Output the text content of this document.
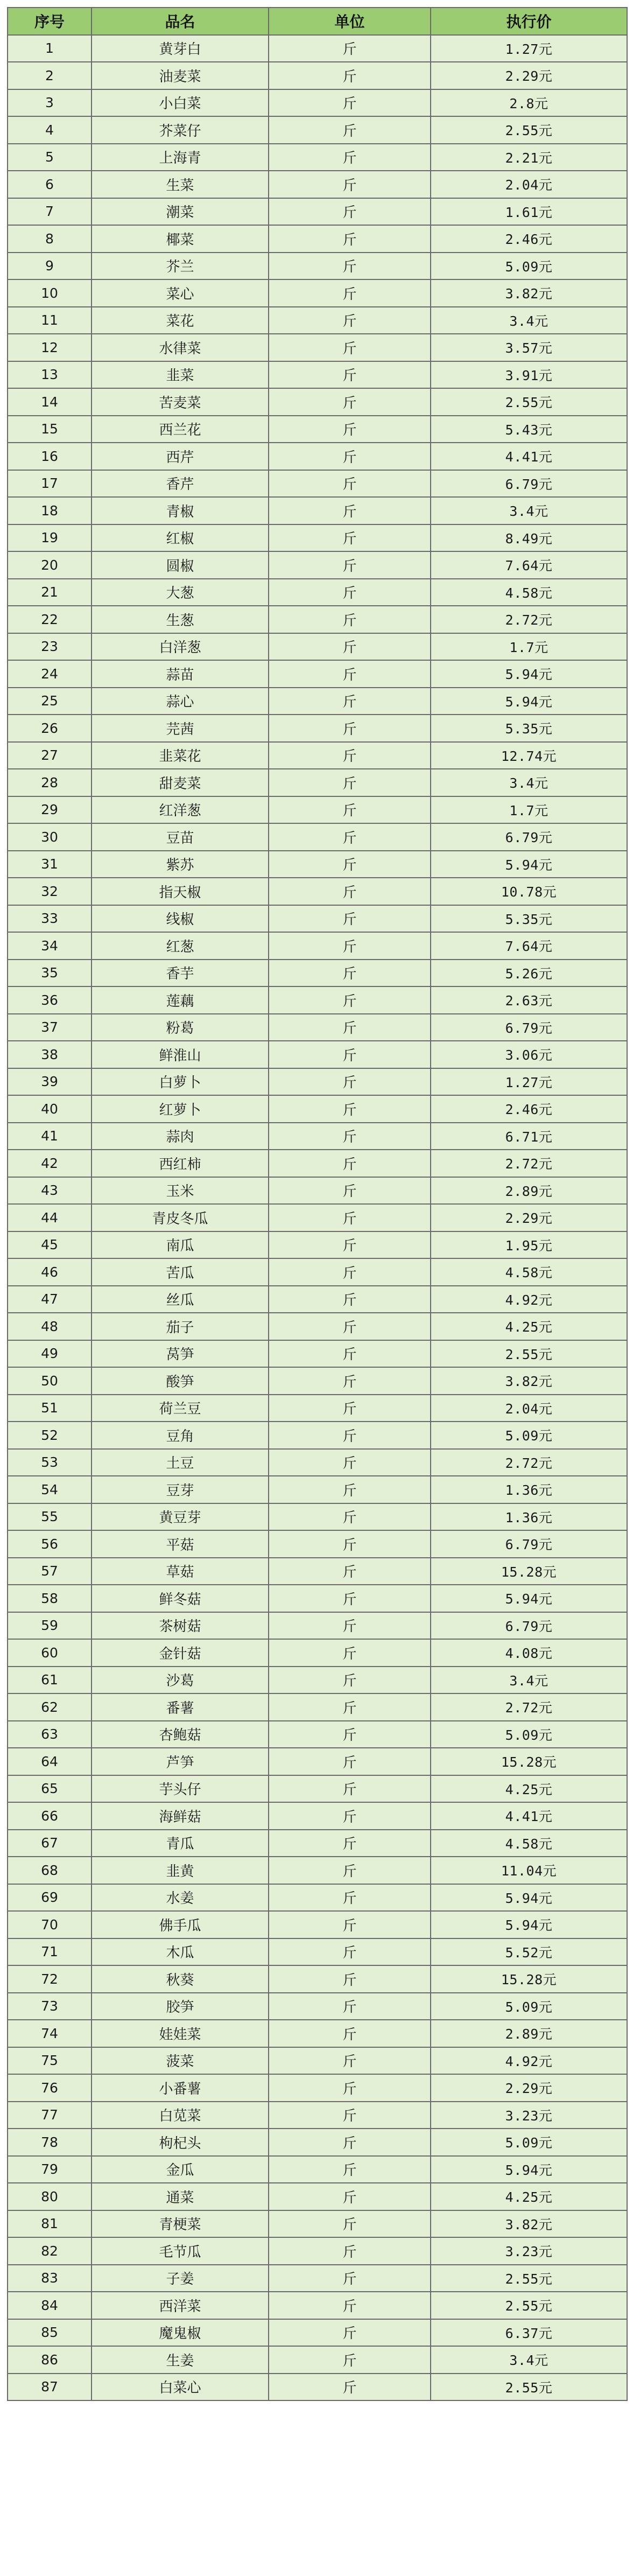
序号	品名	单位	执行价
1	黄芽白	斤	1.27元
2	油麦菜	斤	2.29元
3	小白菜	斤	2.8元
4	芥菜仔	斤	2.55元
5	上海青	斤	2.21元
6	生菜	斤	2.04元
7	潮菜	斤	1.61元
8	椰菜	斤	2.46元
9	芥兰	斤	5.09元
10	菜心	斤	3.82元
11	菜花	斤	3.4元
12	水律菜	斤	3.57元
13	韭菜	斤	3.91元
14	苦麦菜	斤	2.55元
15	西兰花	斤	5.43元
16	西芹	斤	4.41元
17	香芹	斤	6.79元
18	青椒	斤	3.4元
19	红椒	斤	8.49元
20	圆椒	斤	7.64元
21	大葱	斤	4.58元
22	生葱	斤	2.72元
23	白洋葱	斤	1.7元
24	蒜苗	斤	5.94元
25	蒜心	斤	5.94元
26	芫茜	斤	5.35元
27	韭菜花	斤	12.74元
28	甜麦菜	斤	3.4元
29	红洋葱	斤	1.7元
30	豆苗	斤	6.79元
31	紫苏	斤	5.94元
32	指天椒	斤	10.78元
33	线椒	斤	5.35元
34	红葱	斤	7.64元
35	香芋	斤	5.26元
36	莲藕	斤	2.63元
37	粉葛	斤	6.79元
38	鲜淮山	斤	3.06元
39	白萝卜	斤	1.27元
40	红萝卜	斤	2.46元
41	蒜肉	斤	6.71元
42	西红柿	斤	2.72元
43	玉米	斤	2.89元
44	青皮冬瓜	斤	2.29元
45	南瓜	斤	1.95元
46	苦瓜	斤	4.58元
47	丝瓜	斤	4.92元
48	茄子	斤	4.25元
49	莴笋	斤	2.55元
50	酸笋	斤	3.82元
51	荷兰豆	斤	2.04元
52	豆角	斤	5.09元
53	土豆	斤	2.72元
54	豆芽	斤	1.36元
55	黄豆芽	斤	1.36元
56	平菇	斤	6.79元
57	草菇	斤	15.28元
58	鲜冬菇	斤	5.94元
59	茶树菇	斤	6.79元
60	金针菇	斤	4.08元
61	沙葛	斤	3.4元
62	番薯	斤	2.72元
63	杏鲍菇	斤	5.09元
64	芦笋	斤	15.28元
65	芋头仔	斤	4.25元
66	海鲜菇	斤	4.41元
67	青瓜	斤	4.58元
68	韭黄	斤	11.04元
69	水姜	斤	5.94元
70	佛手瓜	斤	5.94元
71	木瓜	斤	5.52元
72	秋葵	斤	15.28元
73	胶笋	斤	5.09元
74	娃娃菜	斤	2.89元
75	菠菜	斤	4.92元
76	小番薯	斤	2.29元
77	白苋菜	斤	3.23元
78	枸杞头	斤	5.09元
79	金瓜	斤	5.94元
80	通菜	斤	4.25元
81	青梗菜	斤	3.82元
82	毛节瓜	斤	3.23元
83	子姜	斤	2.55元
84	西洋菜	斤	2.55元
85	魔鬼椒	斤	6.37元
86	生姜	斤	3.4元
87	白菜心	斤	2.55元
